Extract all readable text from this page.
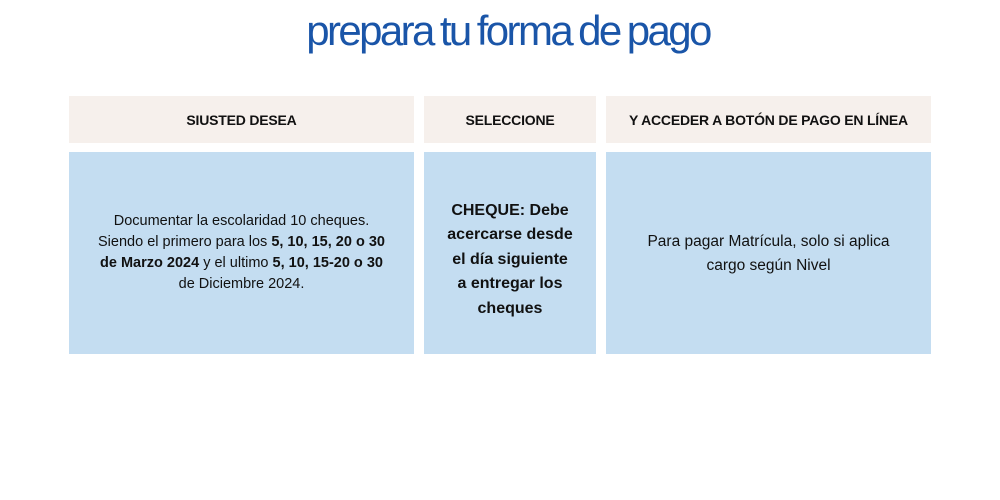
prepara tu forma de pago
SIUSTED DESEA	SELECCIONE	Y ACCEDER A BOTÓN DE PAGO EN LÍNEA
Documentar la escolaridad 10 cheques.
Siendo el primero para los 5, 10, 15, 20 o 30
de Marzo 2024 y el ultimo 5, 10, 15-20 o 30
de Diciembre 2024.
CHEQUE: Debe
acercarse desde
el día siguiente
a entregar los
cheques
Para pagar Matrícula, solo si aplica
cargo según Nivel
